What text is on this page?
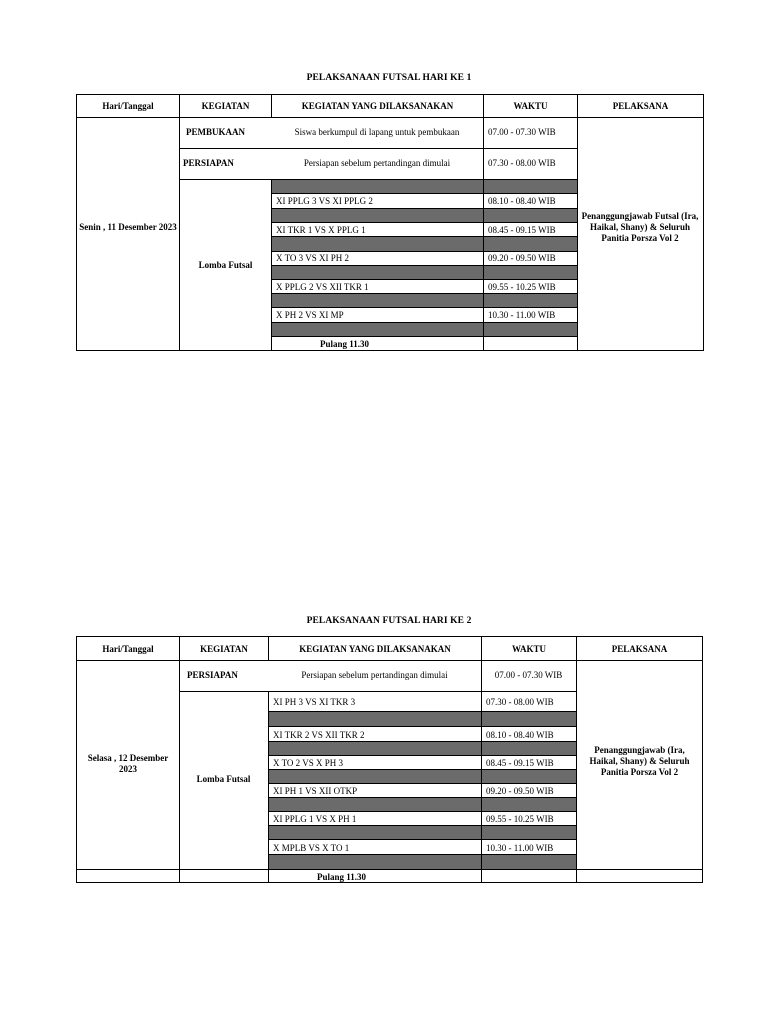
PELAKSANAAN FUTSAL HARI KE 1
Hari/Tanggal	KEGIATAN	KEGIATAN YANG DILAKSANAKAN	WAKTU	PELAKSANA
Senin , 11 Desember 2023
PEMBUKAAN	Siswa berkumpul di lapang untuk pembukaan	07.00 - 07.30 WIB
PERSIAPAN	Persiapan sebelum pertandingan dimulai	07.30 - 08.00 WIB
Lomba Futsal
XI PPLG 3 VS XI PPLG 2	08.10 - 08.40 WIB
XI TKR 1 VS X PPLG 1	08.45 - 09.15 WIB
X TO 3 VS XI PH 2	09.20 - 09.50 WIB
X PPLG 2 VS XII TKR 1	09.55 - 10.25 WIB
X PH 2 VS XI MP	10.30 - 11.00 WIB
Pulang 11.30
Penanggungjawab Futsal (Ira, Haikal, Shany) & Seluruh Panitia Porsza Vol 2
PELAKSANAAN FUTSAL HARI KE 2
Hari/Tanggal	KEGIATAN	KEGIATAN YANG DILAKSANAKAN	WAKTU	PELAKSANA
Selasa , 12 Desember 2023
PERSIAPAN	Persiapan sebelum pertandingan dimulai	07.00 - 07.30 WIB
Lomba Futsal
XI PH 3 VS XI TKR 3	07.30 - 08.00 WIB
XI TKR 2 VS XII TKR 2	08.10 - 08.40 WIB
X TO 2 VS X PH 3	08.45 - 09.15 WIB
XI PH 1 VS XII OTKP	09.20 - 09.50 WIB
XI PPLG 1 VS X PH 1	09.55 - 10.25 WIB
X MPLB VS X TO 1	10.30 - 11.00 WIB
Pulang 11.30
Penanggungjawab (Ira, Haikal, Shany) & Seluruh Panitia Porsza Vol 2
